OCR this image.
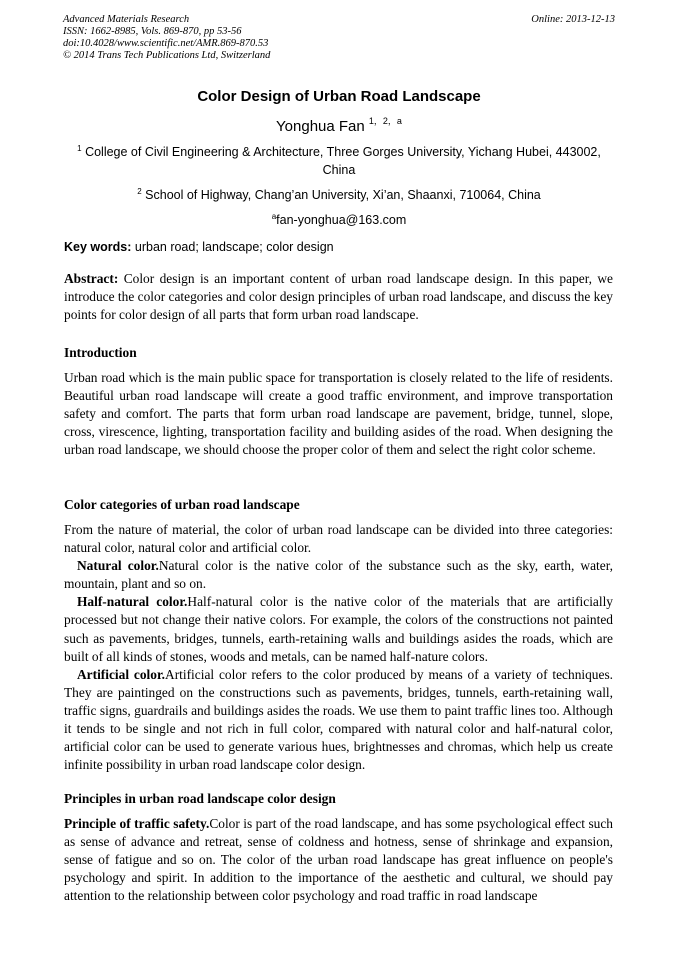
Advanced Materials Research
ISSN: 1662-8985, Vols. 869-870, pp 53-56
doi:10.4028/www.scientific.net/AMR.869-870.53
© 2014 Trans Tech Publications Ltd, Switzerland
Online: 2013-12-13
Color Design of Urban Road Landscape
Yonghua Fan $^{1,2,a}$
$^1$ College of Civil Engineering & Architecture, Three Gorges University, Yichang Hubei, 443002, China
$^2$ School of Highway, Chang’an University, Xi’an, Shaanxi, 710064, China
$^a$fan-yonghua@163.com
Key words: urban road; landscape; color design

Abstract: Color design is an important content of urban road landscape design. In this paper, we introduce the color categories and color design principles of urban road landscape, and discuss the key points for color design of all parts that form urban road landscape.

Introduction

Urban road which is the main public space for transportation is closely related to the life of residents. Beautiful urban road landscape will create a good traffic environment, and improve transportation safety and comfort. The parts that form urban road landscape are pavement, bridge, tunnel, slope, cross, virescence, lighting, transportation facility and building asides of the road. When designing the urban road landscape, we should choose the proper color of them and select the right color scheme.

Color categories of urban road landscape

From the nature of material, the color of urban road landscape can be divided into three categories: natural color, natural color and artificial color.

Natural color.Natural color is the native color of the substance such as the sky, earth, water, mountain, plant and so on.

Half-natural color.Half-natural color is the native color of the materials that are artificially processed but not change their native colors. For example, the colors of the constructions not painted such as pavements, bridges, tunnels, earth-retaining walls and buildings asides the roads, which are built of all kinds of stones, woods and metals, can be named half-nature colors.

Artificial color.Artificial color refers to the color produced by means of a variety of techniques. They are paintinged on the constructions such as pavements, bridges, tunnels, earth-retaining wall, traffic signs, guardrails and buildings asides the roads. We use them to paint traffic lines too. Although it tends to be single and not rich in full color, compared with natural color and half-natural color, artificial color can be used to generate various hues, brightnesses and chromas, which help us create infinite possibility in urban road landscape color design.

Principles in urban road landscape color design

Principle of traffic safety.Color is part of the road landscape, and has some psychological effect such as sense of advance and retreat, sense of coldness and hotness, sense of shrinkage and expansion, sense of fatigue and so on. The color of the urban road landscape has great influence on people's psychology and spirit. In addition to the importance of the aesthetic and cultural, we should pay attention to the relationship between color psychology and road traffic in road landscape
